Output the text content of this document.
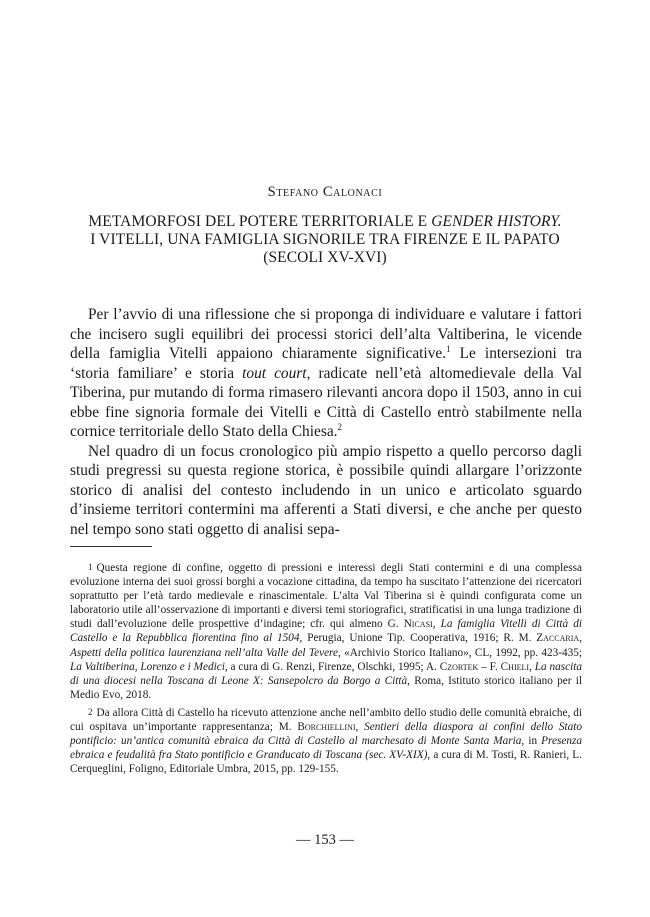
Stefano Calonaci
METAMORFOSI DEL POTERE TERRITORIALE E GENDER HISTORY.
I VITELLI, UNA FAMIGLIA SIGNORILE TRA FIRENZE E IL PAPATO
(SECOLI XV-XVI)

Per l’avvio di una riflessione che si proponga di individuare e valutare i fattori che incisero sugli equilibri dei processi storici dell’alta Valtiberina, le vicende della famiglia Vitelli appaiono chiaramente significative.$^1$ Le intersezioni tra ‘storia familiare’ e storia tout court, radicate nell’età altomedievale della Val Tiberina, pur mutando di forma rimasero rilevanti ancora dopo il 1503, anno in cui ebbe fine signoria formale dei Vitelli e Città di Castello entrò stabilmente nella cornice territoriale dello Stato della Chiesa.$^2$

Nel quadro di un focus cronologico più ampio rispetto a quello percorso dagli studi pregressi su questa regione storica, è possibile quindi allargare l’orizzonte storico di analisi del contesto includendo in un unico e articolato sguardo d’insieme territori contermini ma afferenti a Stati diversi, e che anche per questo nel tempo sono stati oggetto di analisi sepa-

1 Questa regione di confine, oggetto di pressioni e interessi degli Stati contermini e di una complessa evoluzione interna dei suoi grossi borghi a vocazione cittadina, da tempo ha suscitato l’attenzione dei ricercatori soprattutto per l’età tardo medievale e rinascimentale. L’alta Val Tiberina si è quindi configurata come un laboratorio utile all’osservazione di importanti e diversi temi storiografici, stratificatisi in una lunga tradizione di studi dall’evoluzione delle prospettive d’indagine; cfr. qui almeno G. Nicasi, La famiglia Vitelli di Città di Castello e la Repubblica fiorentina fino al 1504, Perugia, Unione Tip. Cooperativa, 1916; R. M. Zaccaria, Aspetti della politica laurenziana nell’alta Valle del Tevere, «Archivio Storico Italiano», CL, 1992, pp. 423-435; La Valtiberina, Lorenzo e i Medici, a cura di G. Renzi, Firenze, Olschki, 1995; A. Czortek – F. Chieli, La nascita di una diocesi nella Toscana di Leone X: Sansepolcro da Borgo a Città, Roma, Istituto storico italiano per il Medio Evo, 2018.

2 Da allora Città di Castello ha ricevuto attenzione anche nell’ambito dello studio delle comunità ebraiche, di cui ospitava un’importante rappresentanza; M. Borchiellini, Sentieri della diaspora ai confini dello Stato pontificio: un’antica comunità ebraica da Città di Castello al marchesato di Monte Santa Maria, in Presenza ebraica e feudalità fra Stato pontificio e Granducato di Toscana (sec. XV-XIX), a cura di M. Tosti, R. Ranieri, L. Cerqueglini, Foligno, Editoriale Umbra, 2015, pp. 129-155.

— 153 —
